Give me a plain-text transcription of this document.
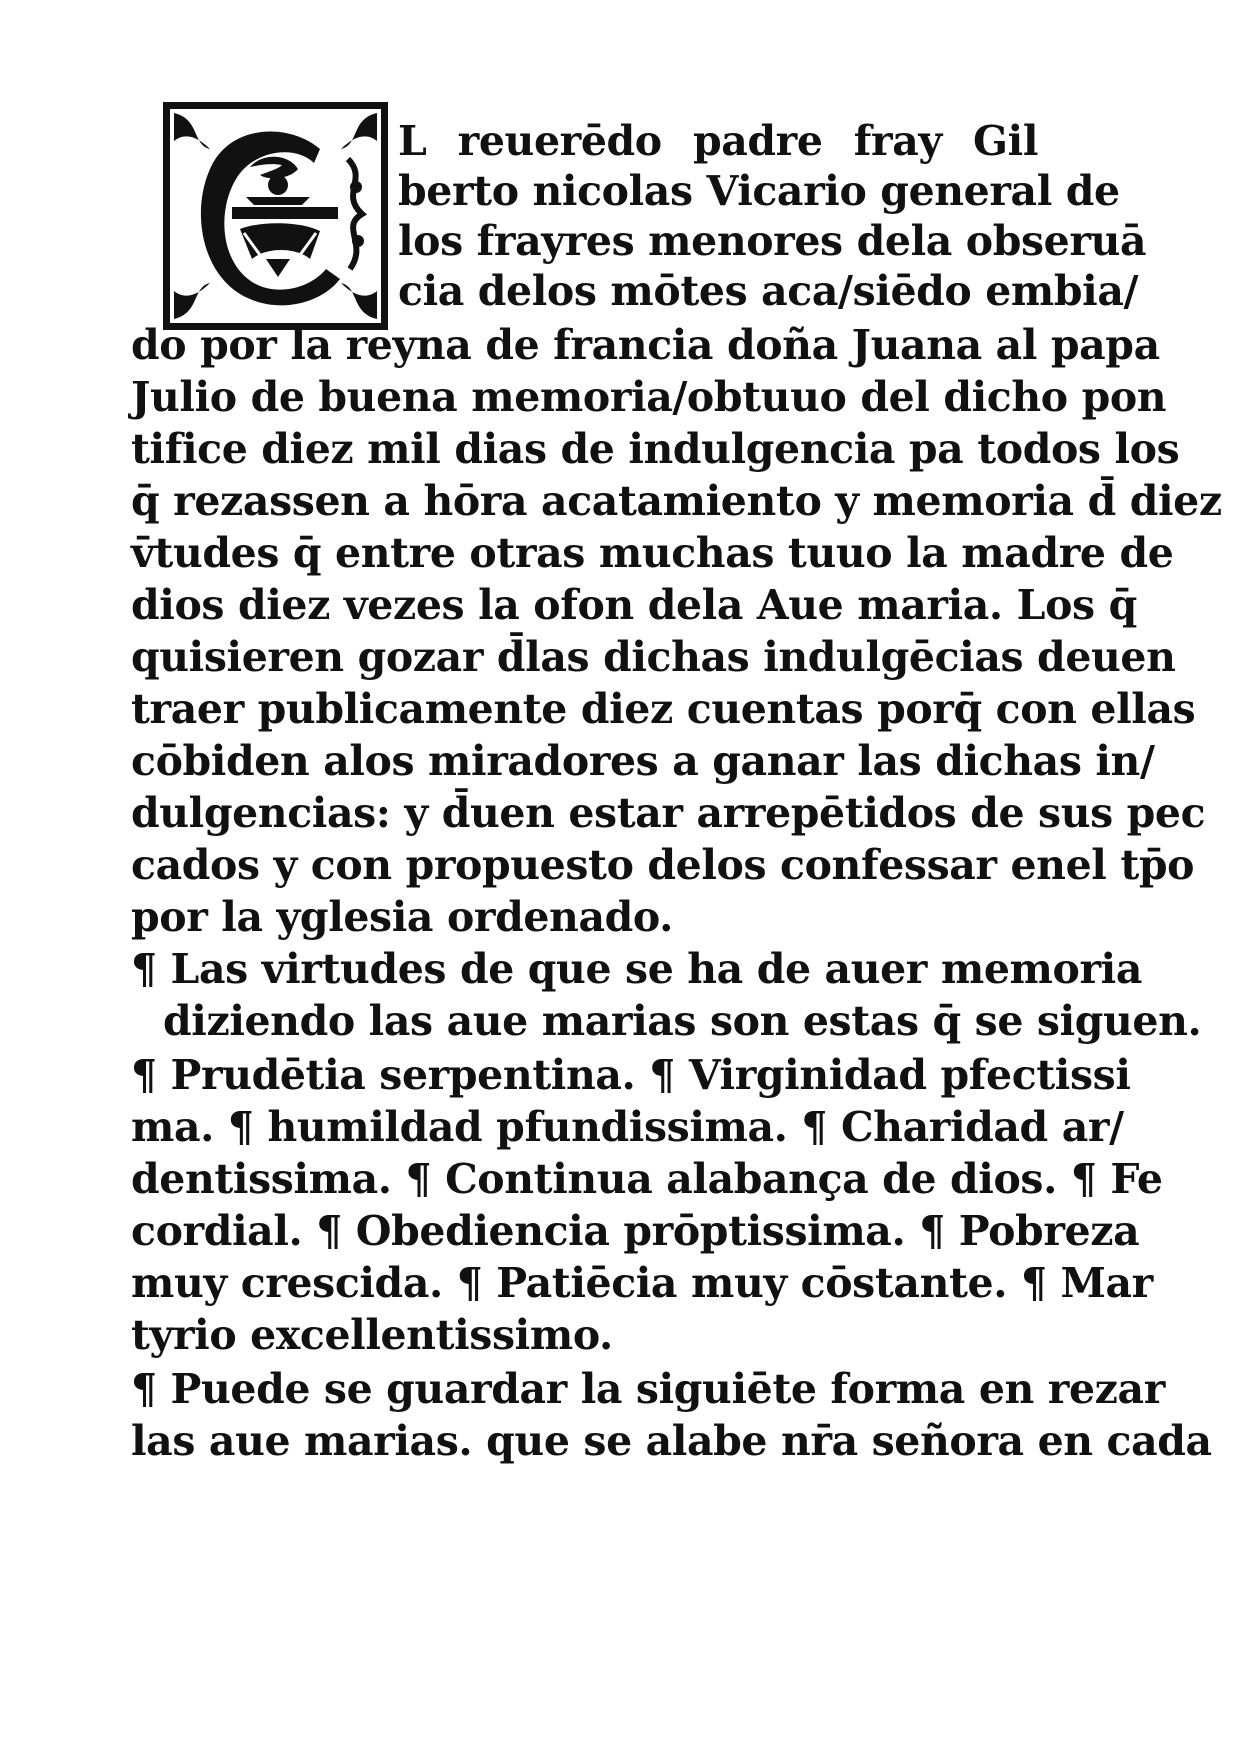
L reuerēdo padre fray Gil
berto nicolas Vicario general de
los frayres menores dela obseruā
cia delos mōtes aca/siēdo embia/
do por la reyna de francia doña Juana al papa
Julio de buena memoria/obtuuo del dicho pon
tifice diez mil dias de indulgencia pa todos los
q̄ rezassen a hōra acatamiento y memoria d̄ diez
v̄tudes q̄ entre otras muchas tuuo la madre de
dios diez vezes la ofon dela Aue maria. Los q̄
quisieren gozar d̄las dichas indulgēcias deuen
traer publicamente diez cuentas porq̄ con ellas
cōbiden alos miradores a ganar las dichas in/
dulgencias: y d̄uen estar arrepētidos de sus pec
cados y con propuesto delos confessar enel tp̄o
por la yglesia ordenado.
¶ Las virtudes de que se ha de auer memoria
diziendo las aue marias son estas q̄ se siguen.
¶ Prudētia serpentina. ¶ Virginidad pfectissi
ma. ¶ humildad pfundissima. ¶ Charidad ar/
dentissima. ¶ Continua alabança de dios. ¶ Fe
cordial. ¶ Obediencia prōptissima. ¶ Pobreza
muy crescida. ¶ Patiēcia muy cōstante. ¶ Mar
tyrio excellentissimo.
¶ Puede se guardar la siguiēte forma en rezar
las aue marias. que se alabe nr̄a señora en cada
